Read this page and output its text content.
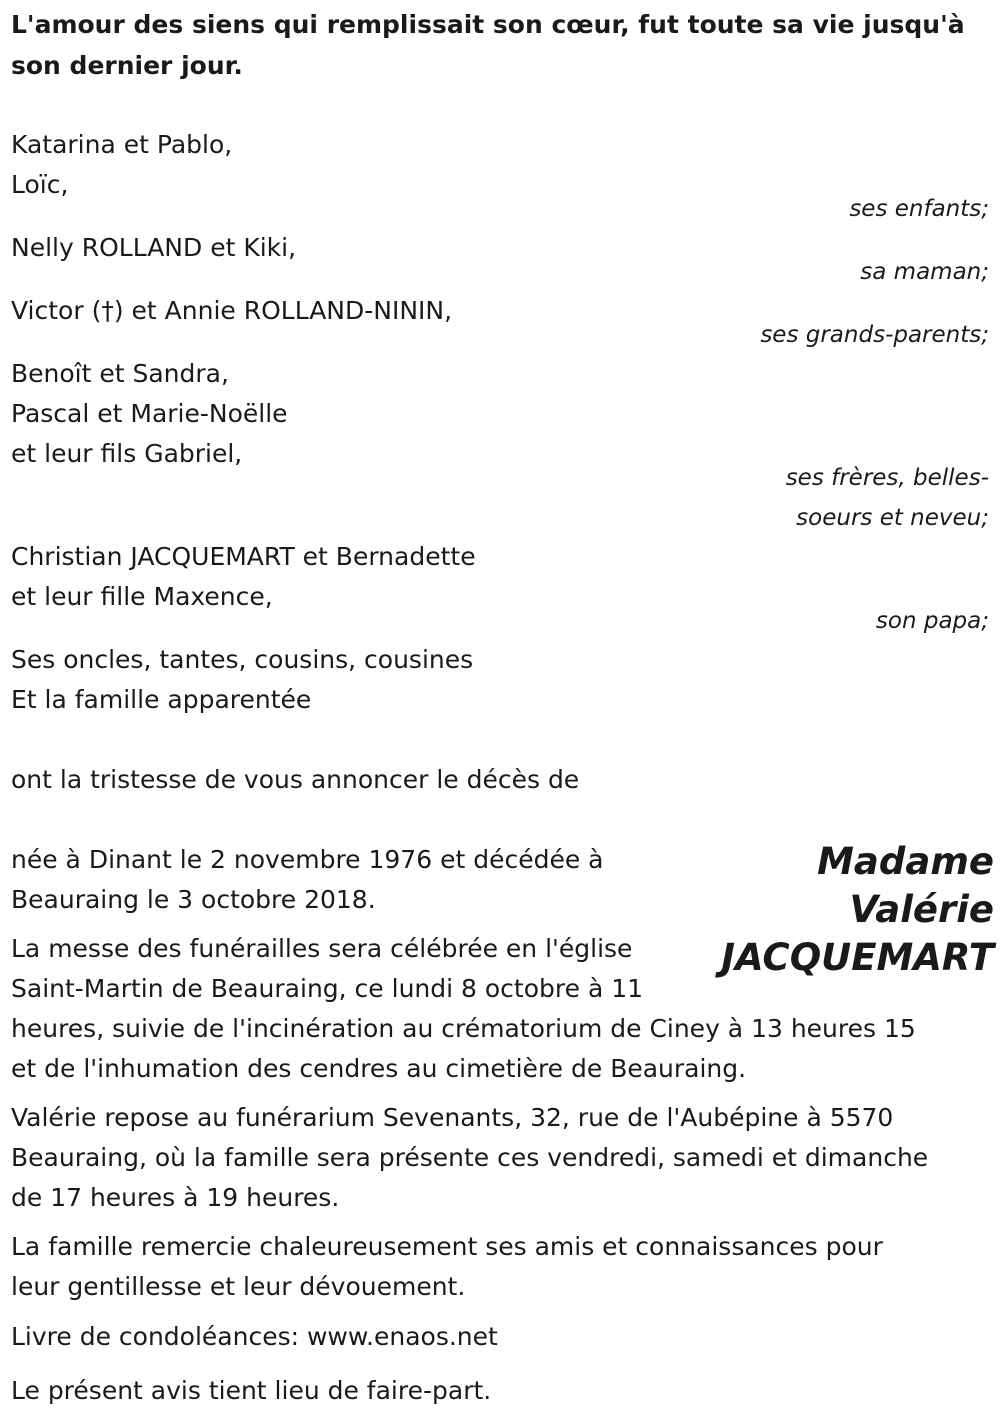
L'amour des siens qui remplissait son cœur, fut toute sa vie jusqu'à
son dernier jour.
Katarina et Pablo,
Loïc,
ses enfants;
Nelly ROLLAND et Kiki,
sa maman;
Victor (†) et Annie ROLLAND-NININ,
ses grands-parents;
Benoît et Sandra,
Pascal et Marie-Noëlle
et leur fils Gabriel,
ses frères, belles-
soeurs et neveu;
Christian JACQUEMART et Bernadette
et leur fille Maxence,
son papa;
Ses oncles, tantes, cousins, cousines
Et la famille apparentée
ont la tristesse de vous annoncer le décès de
Madame
Valérie
JACQUEMART
née à Dinant le 2 novembre 1976 et décédée à
Beauraing le 3 octobre 2018.
La messe des funérailles sera célébrée en l'église
Saint-Martin de Beauraing, ce lundi 8 octobre à 11
heures, suivie de l'incinération au crématorium de Ciney à 13 heures 15
et de l'inhumation des cendres au cimetière de Beauraing.
Valérie repose au funérarium Sevenants, 32, rue de l'Aubépine à 5570
Beauraing, où la famille sera présente ces vendredi, samedi et dimanche
de 17 heures à 19 heures.
La famille remercie chaleureusement ses amis et connaissances pour
leur gentillesse et leur dévouement.
Livre de condoléances: www.enaos.net
Le présent avis tient lieu de faire-part.
